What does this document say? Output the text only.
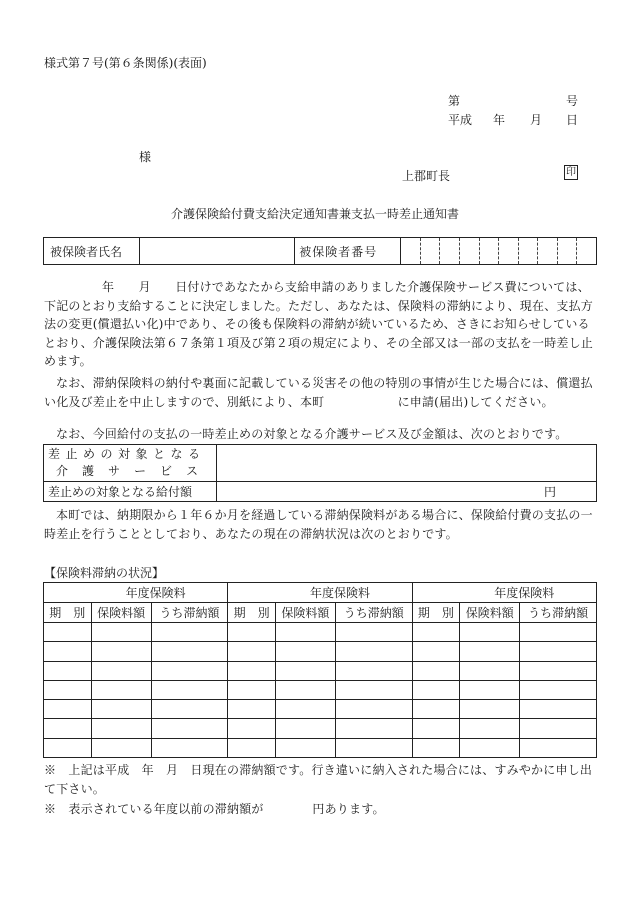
様式第７号(第６条関係)(表面)
第	号
平成 年 月 日
様
上郡町長	印
介護保険給付費支給決定通知書兼支払一時差止通知書
被保険者氏名		被保険者番号										
年　　月　　日付けであなたから支給申請のありました介護保険サービス費については、
下記のとおり支給することに決定しました。ただし、あなたは、保険料の滞納により、現在、支払方
法の変更(償還払い化)中であり、その後も保険料の滞納が続いているため、さきにお知らせしている
とおり、介護保険法第６７条第１項及び第２項の規定により、その全部又は一部の支払を一時差し止
めます。
なお、滞納保険料の納付や裏面に記載している災害その他の特別の事情が生じた場合には、償還払
い化及び差止を中止しますので、別紙により、本町　　　　　　に申請(届出)してください。
なお、今回給付の支払の一時差止めの対象となる介護サービス及び金額は、次のとおりです。
差止めの対象となる
介護サービス	

差止めの対象となる給付額	円
本町では、納期限から１年６か月を経過している滞納保険料がある場合に、保険給付費の支払の一
時差止を行うこととしており、あなたの現在の滞納状況は次のとおりです。
【保険料滞納の状況】
年度保険料			年度保険料			年度保険料		
期　別	保険料額	うち滞納額	期　別	保険料額	うち滞納額	期　別	保険料額	うち滞納額

※　上記は平成　年　月　日現在の滞納額です。行き違いに納入された場合には、すみやかに申し出
て下さい。
※　表示されている年度以前の滞納額が　　　　円あります。
